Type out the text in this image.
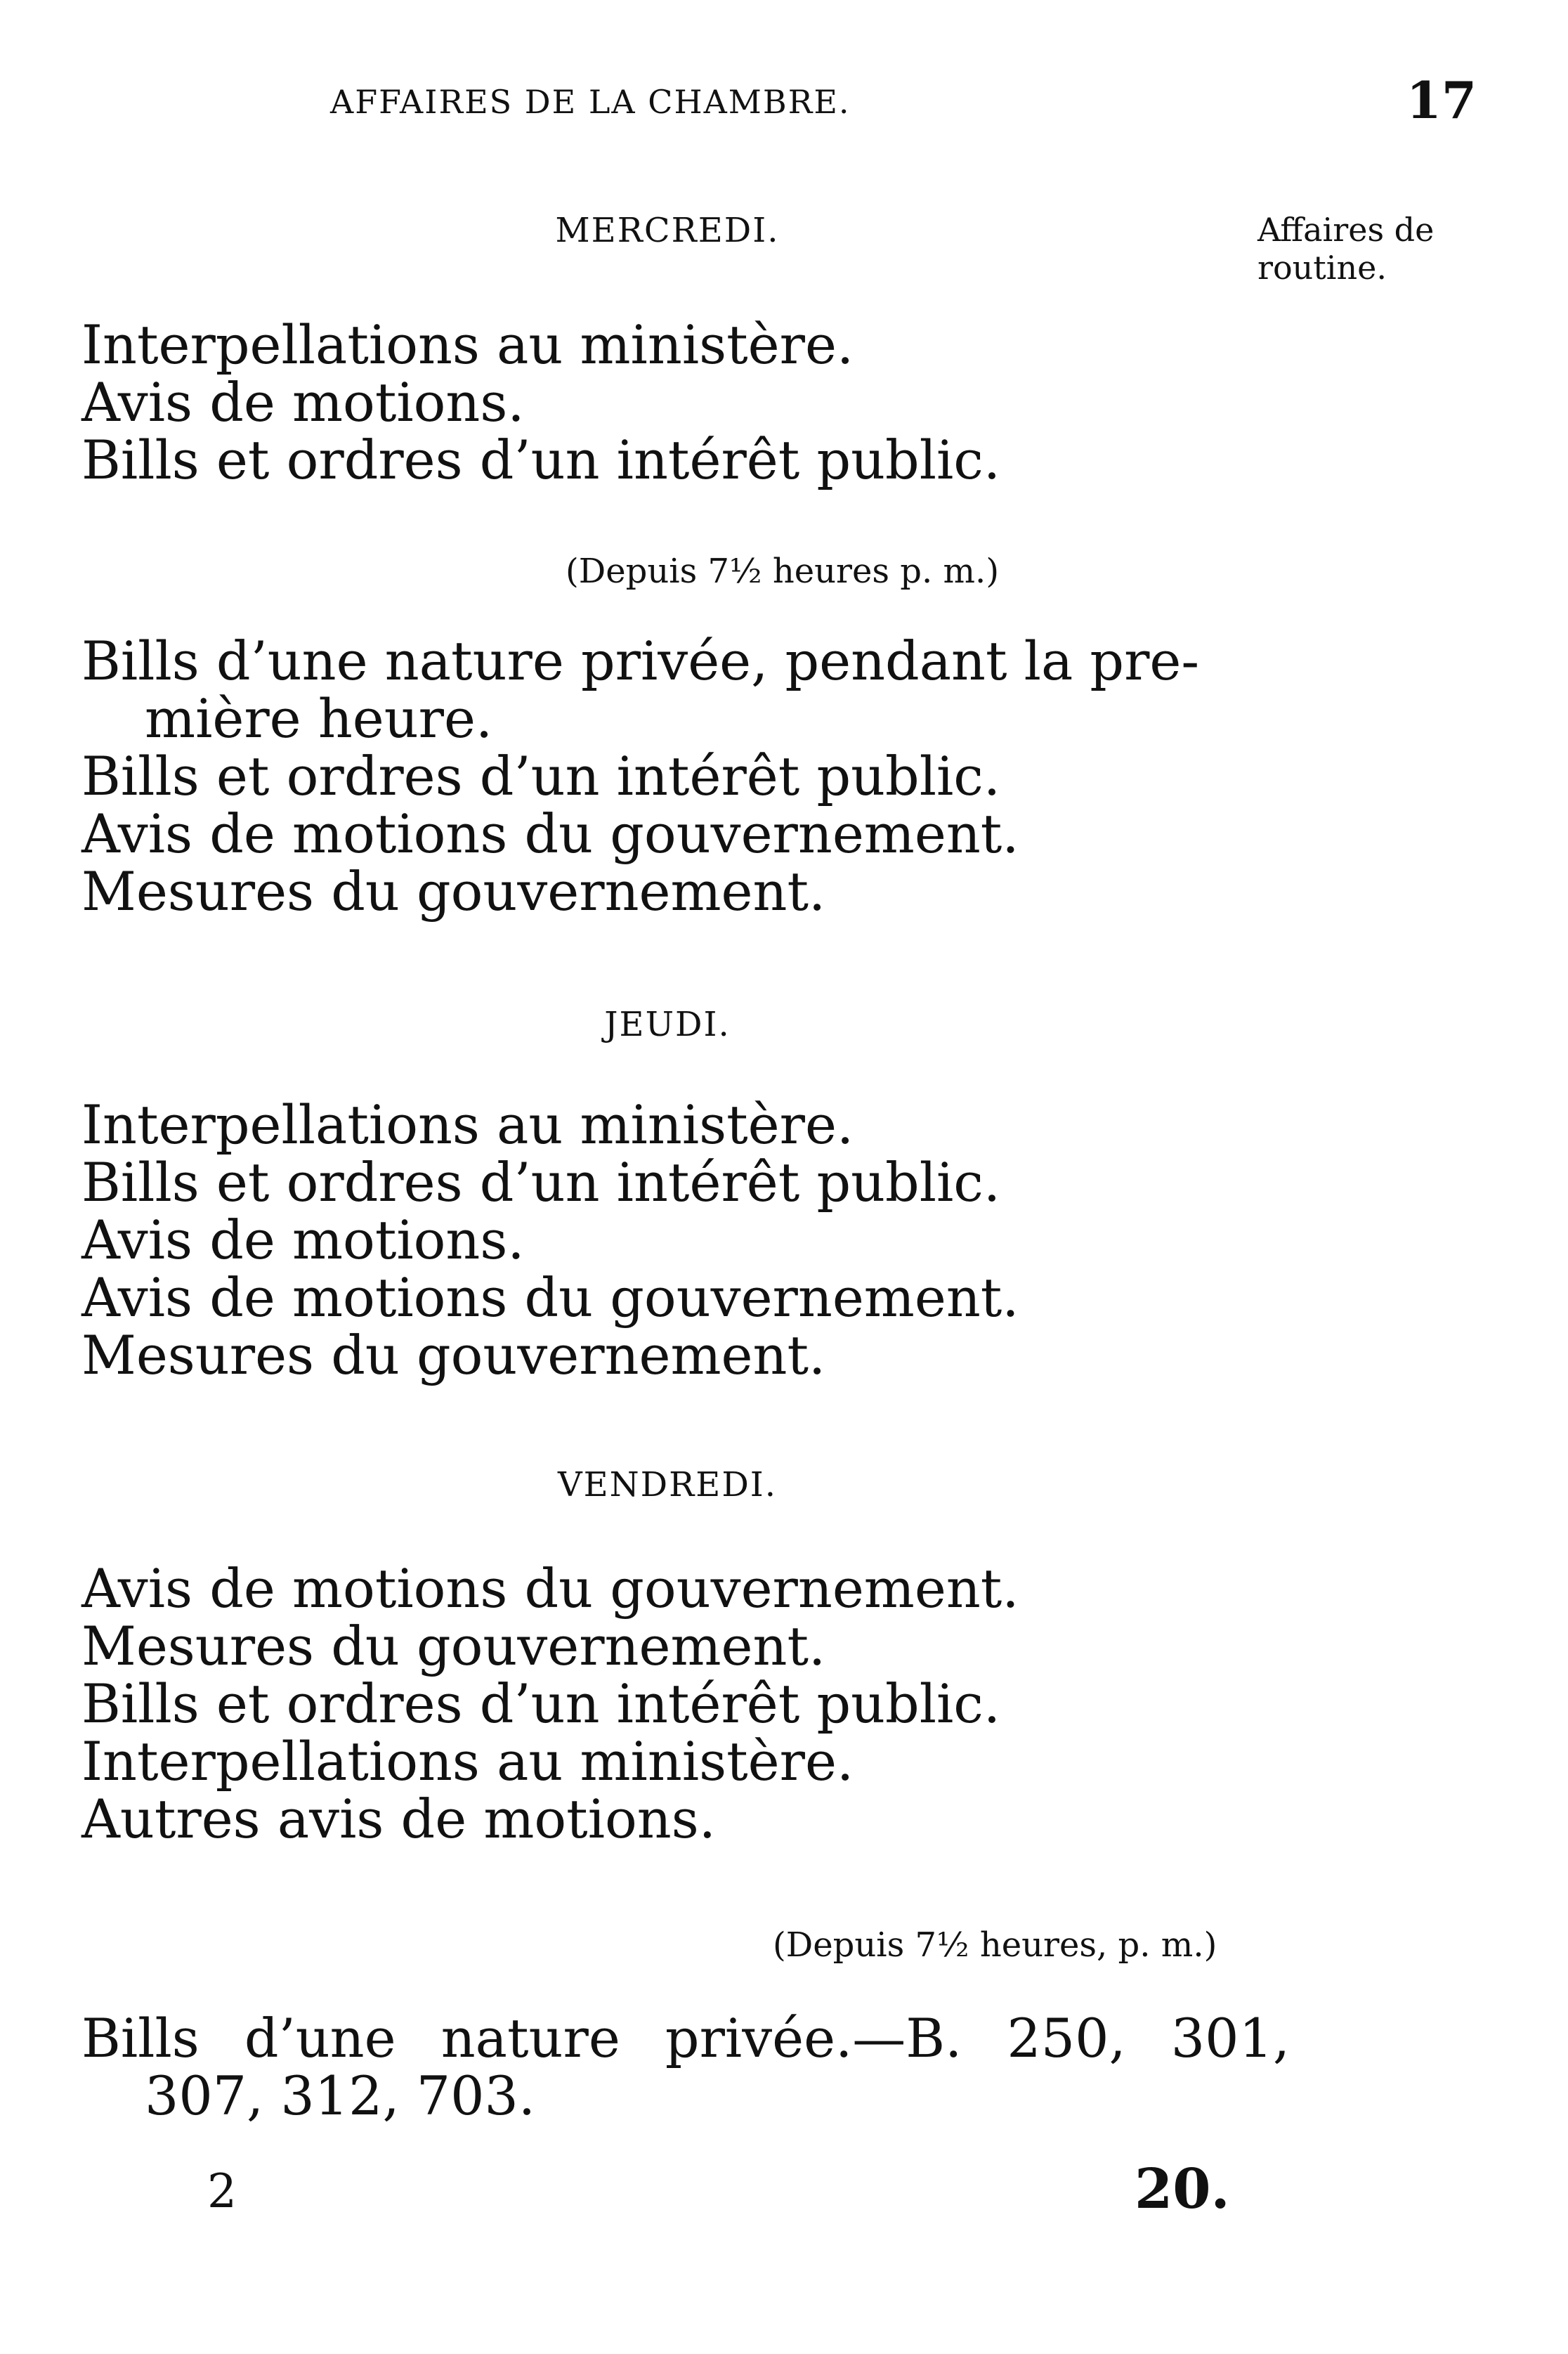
AFFAIRES DE LA CHAMBRE.	17
Affaires de
routine.
MERCREDI.
Interpellations au ministère.
Avis de motions.
Bills et ordres d’un intérêt public.
(Depuis 7½ heures p. m.)
Bills d’une nature privée, pendant la pre-
mière heure.
Bills et ordres d’un intérêt public.
Avis de motions du gouvernement.
Mesures du gouvernement.
JEUDI.
Interpellations au ministère.
Bills et ordres d’un intérêt public.
Avis de motions.
Avis de motions du gouvernement.
Mesures du gouvernement.
VENDREDI.
Avis de motions du gouvernement.
Mesures du gouvernement.
Bills et ordres d’un intérêt public.
Interpellations au ministère.
Autres avis de motions.
(Depuis 7½ heures, p. m.)
Bills d’une nature privée.—B. 250, 301,
307, 312, 703.
2	20.
